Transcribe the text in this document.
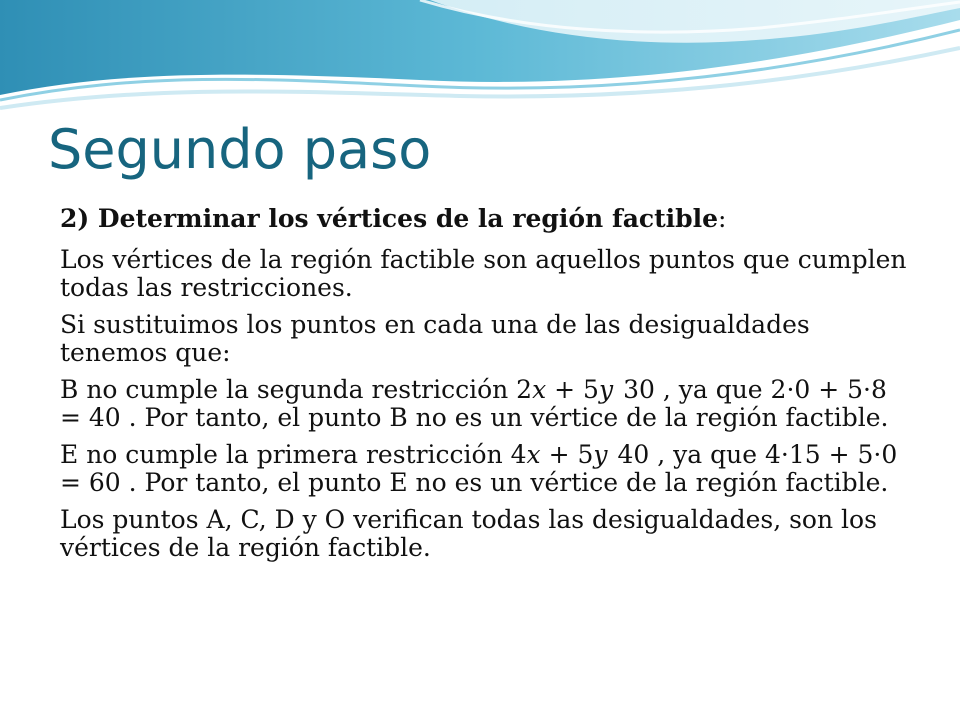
Segundo paso

2) Determinar los vértices de la región factible:

Los vértices de la región factible son aquellos puntos que cumplen todas las restricciones.

Si sustituimos los puntos en cada una de las desigualdades tenemos que:

B no cumple la segunda restricción 2x + 5y 30 , ya que 2·0 + 5·8 = 40 . Por tanto, el punto B no es un vértice de la región factible.

E no cumple la primera restricción 4x + 5y 40 , ya que 4·15 + 5·0 = 60 . Por tanto, el punto E no es un vértice de la región factible.

Los puntos A, C, D y O verifican todas las desigualdades, son los vértices de la región factible.
